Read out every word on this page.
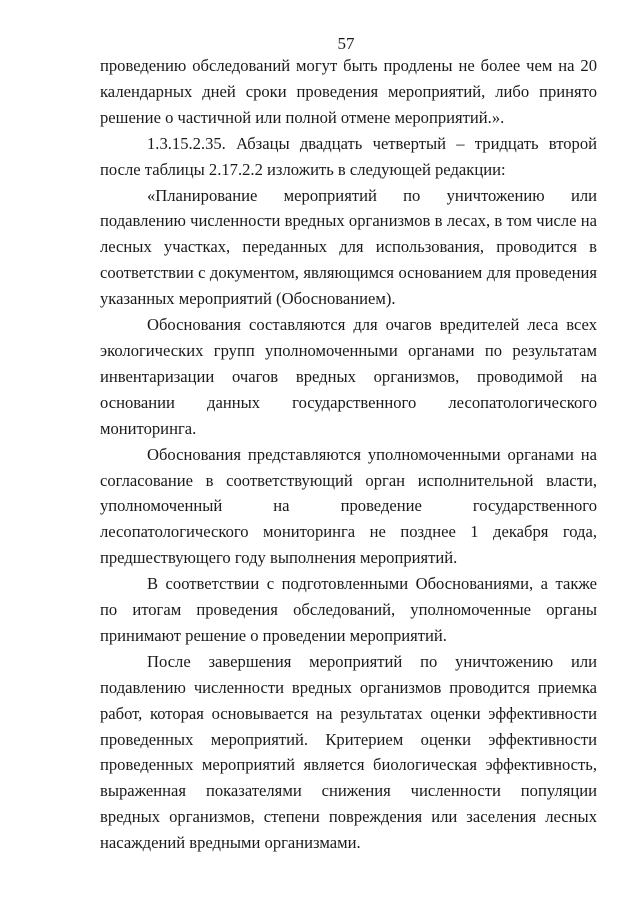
57

проведению обследований могут быть продлены не более чем на 20 календарных дней сроки проведения мероприятий, либо принято решение о частичной или полной отмене мероприятий.».

1.3.15.2.35. Абзацы двадцать четвертый – тридцать второй после таблицы 2.17.2.2 изложить в следующей редакции:

«Планирование мероприятий по уничтожению или подавлению численности вредных организмов в лесах, в том числе на лесных участках, переданных для использования, проводится в соответствии с документом, являющимся основанием для проведения указанных мероприятий (Обоснованием).

Обоснования составляются для очагов вредителей леса всех экологических групп уполномоченными органами по результатам инвентаризации очагов вредных организмов, проводимой на основании данных государственного лесопатологического мониторинга.

Обоснования представляются уполномоченными органами на согласование в соответствующий орган исполнительной власти, уполномоченный на проведение государственного лесопатологического мониторинга не позднее 1 декабря года, предшествующего году выполнения мероприятий.

В соответствии с подготовленными Обоснованиями, а также по итогам проведения обследований, уполномоченные органы принимают решение о проведении мероприятий.

После завершения мероприятий по уничтожению или подавлению численности вредных организмов проводится приемка работ, которая основывается на результатах оценки эффективности проведенных мероприятий. Критерием оценки эффективности проведенных мероприятий является биологическая эффективность, выраженная показателями снижения численности популяции вредных организмов, степени повреждения или заселения лесных насаждений вредными организмами.
